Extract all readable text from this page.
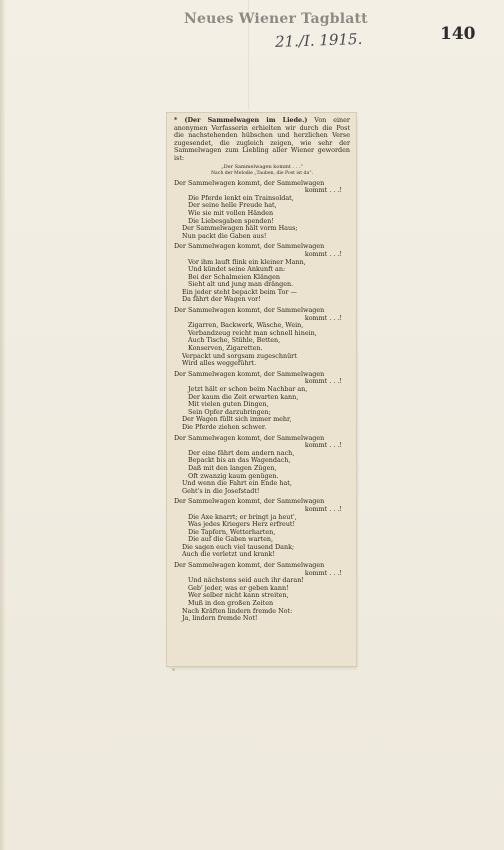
Neues Wiener Tagblatt
21./I. 1915.	140

* (Der Sammelwagen im Liede.) Von einer anonymen Verfasserin erhielten wir durch die Post die nachstehenden hübschen und herzlichen Verse zugesendet, die zugleich zeigen, wie sehr der Sammelwagen zum Liebling aller Wiener geworden ist:

„Der Sammelwagen kommt . . .“

Nach der Melodie „Tauben, die Post ist da“.

Der Sammelwagen kommt, der Sammelwagen
kommt . . .!
Die Pferde lenkt ein Trainsoldat,
Der seine helle Freude hat,
Wie sie mit vollen Händen
Die Liebesgaben spenden!
Der Sammelwagen hält vorm Haus;
Nun packt die Gaben aus!
Der Sammelwagen kommt, der Sammelwagen
kommt . . .!
Vor ihm lauft flink ein kleiner Mann,
Und kündet seine Ankunft an:
Bei der Schalmeien Klängen
Sieht alt und jung man drängen.
Ein jeder steht bepackt beim Tor —
Da fährt der Wagen vor!
Der Sammelwagen kommt, der Sammelwagen
kommt . . .!
Zigarren, Backwerk, Wäsche, Wein,
Verbandzeug reicht man schnell hinein,
Auch Tische, Stühle, Betten,
Konserven, Zigaretten.
Verpackt und sorgsam zugeschnürt
Wird alles weggeführt.
Der Sammelwagen kommt, der Sammelwagen
kommt . . .!
Jetzt hält er schon beim Nachbar an,
Der kaum die Zeit erwarten kann,
Mit vielen guten Dingen,
Sein Opfer darzubringen;
Der Wagen füllt sich immer mehr,
Die Pferde ziehen schwer.
Der Sammelwagen kommt, der Sammelwagen
kommt . . .!
Der eine fährt dem andern nach,
Bepackt bis an das Wagendach,
Daß mit den langen Zügen,
Oft zwanzig kaum genügen.
Und wenn die Fahrt ein Ende hat,
Geht's in die Josefstadt!
Der Sammelwagen kommt, der Sammelwagen
kommt . . .!
Die Axe knarrt; er bringt ja heut',
Was jedes Kriegers Herz erfreut!
Die Tapfern, Wetterharten,
Die auf die Gaben warten,
Die sagen euch viel tausend Dank;
Auch die verletzt und krank!
Der Sammelwagen kommt, der Sammelwagen
kommt . . .!
Und nächstens seid auch ihr daran!
Geb' jeder, was er geben kann!
Wer selber nicht kann streiten,
Muß in den großen Zeiten
Nach Kräften lindern fremde Not:
Ja, lindern fremde Not!
